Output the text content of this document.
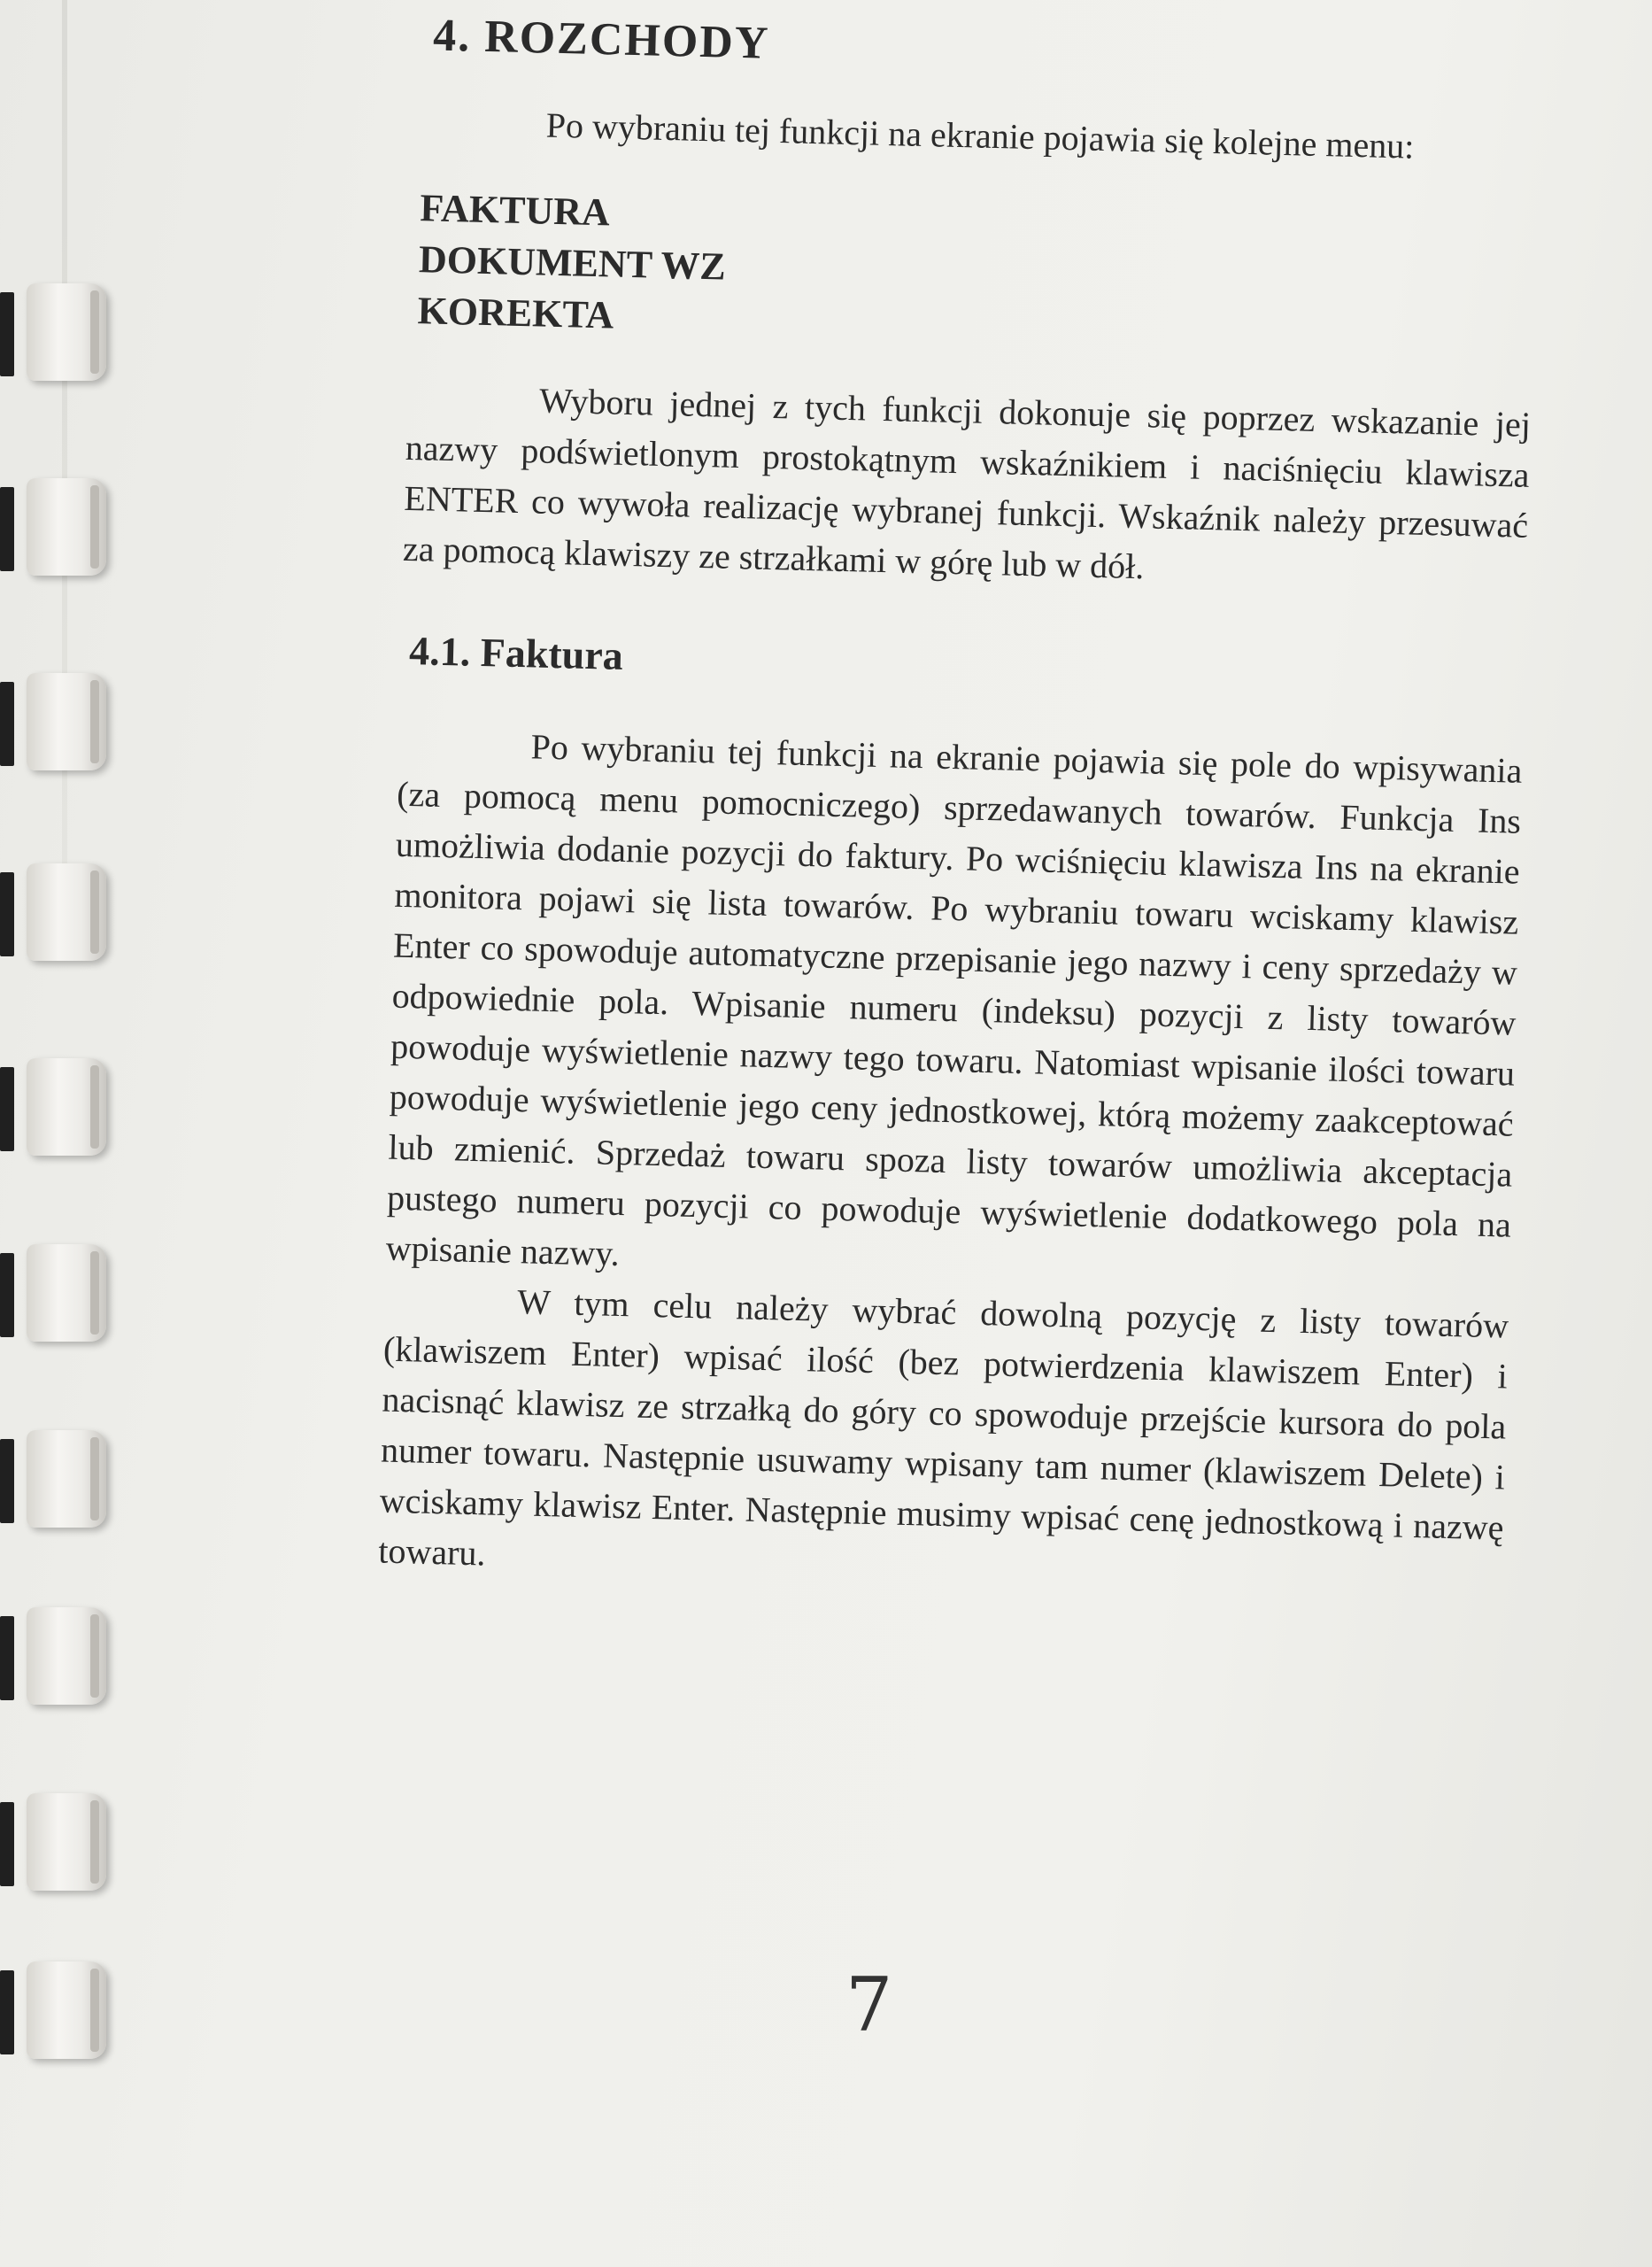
4. ROZCHODY

Po wybraniu tej funkcji na ekranie pojawia się kolejne menu:

FAKTURA
DOKUMENT WZ
KOREKTA

Wyboru jednej z tych funkcji dokonuje się poprzez wskazanie jej nazwy podświetlonym prostokątnym wskaźnikiem i naciśnięciu klawisza ENTER co wywoła realizację wybranej funkcji. Wskaźnik należy przesuwać za pomocą klawiszy ze strzałkami w górę lub w dół.

4.1. Faktura

Po wybraniu tej funkcji na ekranie pojawia się pole do wpisywania (za pomocą menu pomocniczego) sprzedawanych towarów. Funkcja Ins umożliwia dodanie pozycji do faktury. Po wciśnięciu klawisza Ins na ekranie monitora pojawi się lista towarów. Po wybraniu towaru wciskamy klawisz Enter co spowoduje automatyczne przepisanie jego nazwy i ceny sprzedaży w odpowiednie pola. Wpisanie numeru (indeksu) pozycji z listy towarów powoduje wyświetlenie nazwy tego towaru. Natomiast wpisanie ilości towaru powoduje wyświetlenie jego ceny jednostkowej, którą możemy zaakceptować lub zmienić. Sprzedaż towaru spoza listy towarów umożliwia akceptacja pustego numeru pozycji co powoduje wyświetlenie dodatkowego pola na wpisanie nazwy.

W tym celu należy wybrać dowolną pozycję z listy towarów (klawiszem Enter) wpisać ilość (bez potwierdzenia klawiszem Enter) i nacisnąć klawisz ze strzałką do góry co spowoduje przejście kursora do pola numer towaru. Następnie usuwamy wpisany tam numer (klawiszem Delete) i wciskamy klawisz Enter. Następnie musimy wpisać cenę jednostkową i nazwę towaru.

7
